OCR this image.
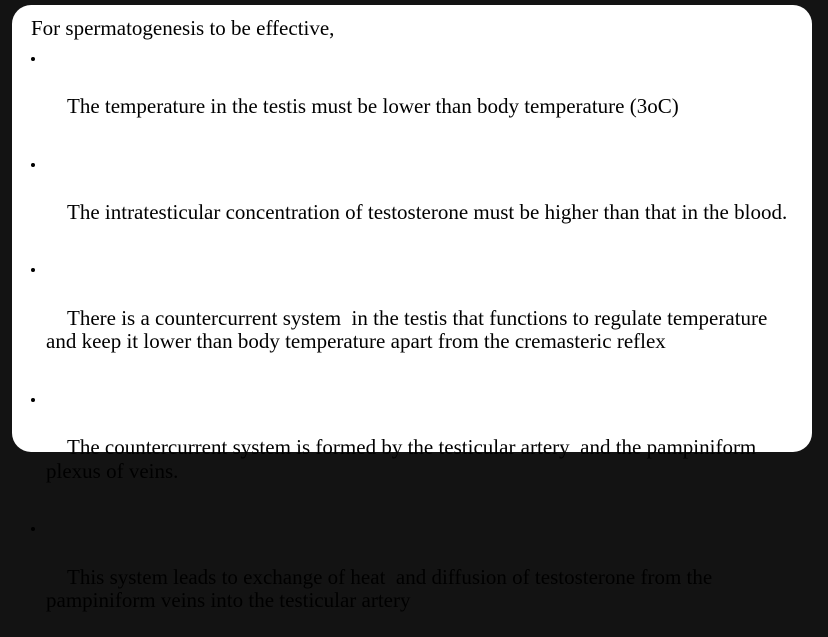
For spermatogenesis to be effective,

The temperature in the testis must be lower than body temperature (3oC)

The intratesticular concentration of testosterone must be higher than that in the blood.

There is a countercurrent system  in the testis that functions to regulate temperature  and keep it lower than body temperature apart from the cremasteric reflex

The countercurrent system is formed by the testicular artery  and the pampiniform plexus of veins.

This system leads to exchange of heat  and diffusion of testosterone from the pampiniform veins into the testicular artery
